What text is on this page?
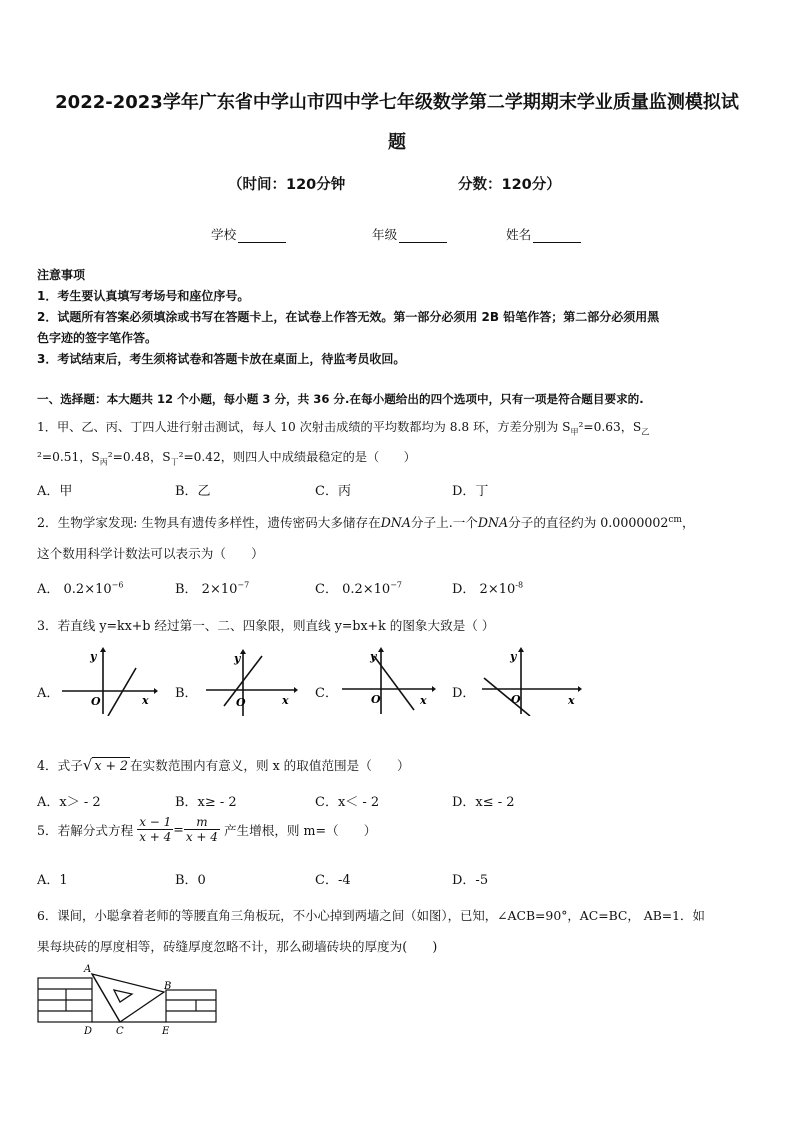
2022-2023学年广东省中学山市四中学七年级数学第二学期期末学业质量监测模拟试
题
（时间：120分钟	分数：120分）
学校	年级	姓名
注意事项
1．考生要认真填写考场号和座位序号。
2．试题所有答案必须填涂或书写在答题卡上，在试卷上作答无效。第一部分必须用 2B 铅笔作答；第二部分必须用黑
色字迹的签字笔作答。
3．考试结束后，考生须将试卷和答题卡放在桌面上，待监考员收回。
一、选择题：本大题共 12 个小题，每小题 3 分，共 36 分.在每小题给出的四个选项中，只有一项是符合题目要求的.
1．甲、乙、丙、丁四人进行射击测试，每人 10 次射击成绩的平均数都均为 8.8 环，方差分别为 $S_甲^2=0.63$，$S_乙$
²=0.51，$S_丙^2=0.48$，$S_丁^2=0.42$，则四人中成绩最稳定的是（　　）
A．甲	B．乙	C．丙	D．丁
2．生物学家发现: 生物具有遗传多样性，遗传密码大多储存在DNA分子上.一个DNA分子的直径约为 $0.0000002^{cm}$，
这个数用科学计数法可以表示为（　　）
A． $0.2\times 10^{-6}$	B． $2\times 10^{-7}$	C． $0.2\times 10^{-7}$	D． $2\times 10^{-8}$
3．若直线 y=kx+b 经过第一、二、四象限，则直线 y=bx+k 的图象大致是（ ）
A．	B．	C．	D．
y
x
O
y
x
O
y
x
O
y
x
O
4．式子√ x + 2 在实数范围内有意义，则 x 的取值范围是（　　）
A．x＞ - 2	B．x≥ - 2	C．x＜ - 2	D．x≤ - 2
5．若解分式方程 $\frac{x - 1}{x + 4} = \frac{m}{x + 4}$ 产生增根，则 m=（　　）
A．1	B．0	C．-4	D．-5
6．课间，小聪拿着老师的等腰直角三角板玩，不小心掉到两墙之间（如图），已知，∠ACB=90°，AC=BC， AB=1．如
果每块砖的厚度相等，砖缝厚度忽略不计，那么砌墙砖块的厚度为(　　)
A
B
D C	E
